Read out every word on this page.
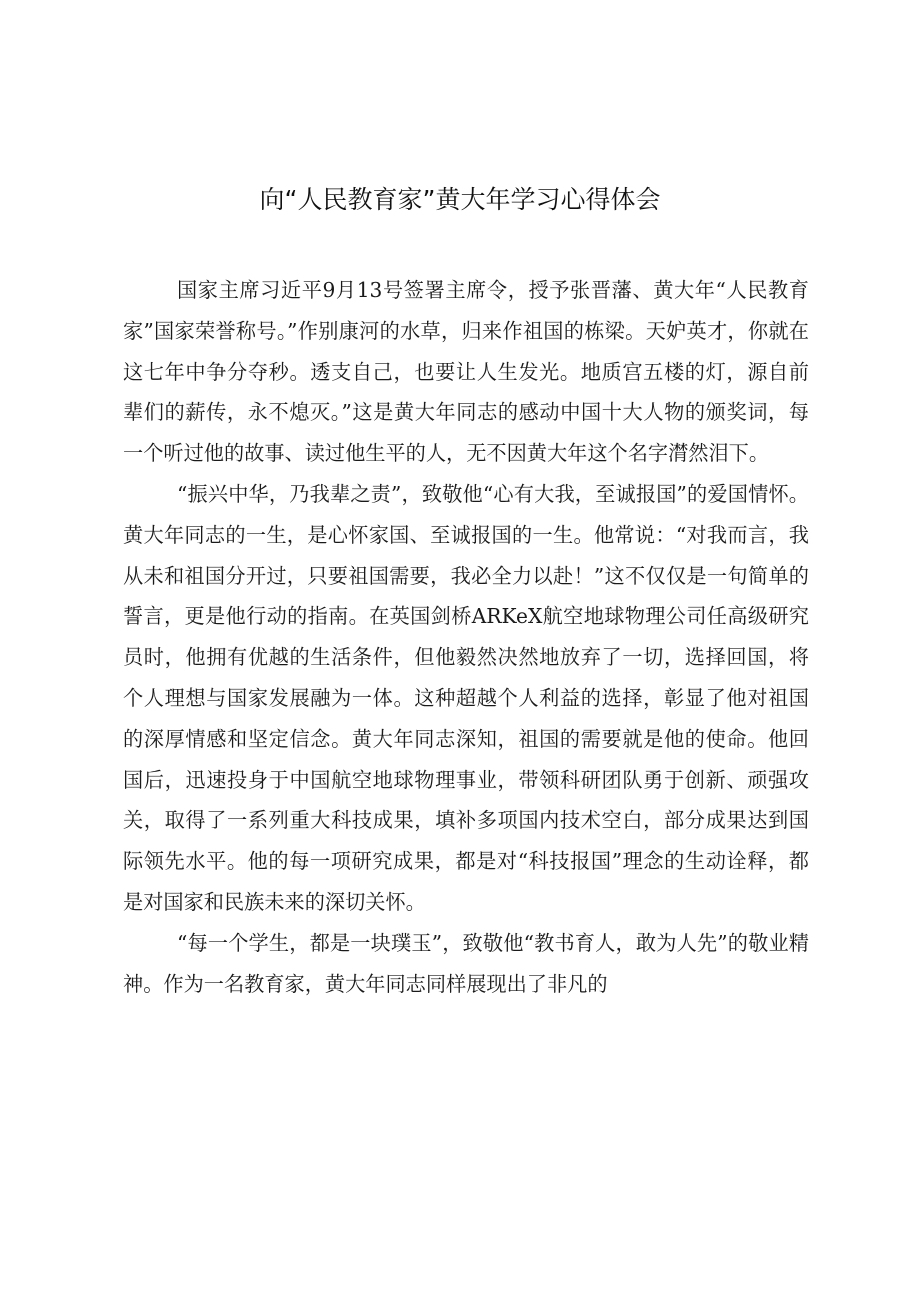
向“人民教育家”黄大年学习心得体会

国家主席习近平9月13号签署主席令，授予张晋藩、黄大年“人民教育家”国家荣誉称号。”作别康河的水草，归来作祖国的栋梁。天妒英才，你就在这七年中争分夺秒。透支自己，也要让人生发光。地质宫五楼的灯，源自前辈们的薪传，永不熄灭。”这是黄大年同志的感动中国十大人物的颁奖词，每一个听过他的故事、读过他生平的人，无不因黄大年这个名字潸然泪下。

“振兴中华，乃我辈之责”，致敬他“心有大我，至诚报国”的爱国情怀。黄大年同志的一生，是心怀家国、至诚报国的一生。他常说：“对我而言，我从未和祖国分开过，只要祖国需要，我必全力以赴！”这不仅仅是一句简单的誓言，更是他行动的指南。在英国剑桥ARKeX航空地球物理公司任高级研究员时，他拥有优越的生活条件，但他毅然决然地放弃了一切，选择回国，将个人理想与国家发展融为一体。这种超越个人利益的选择，彰显了他对祖国的深厚情感和坚定信念。黄大年同志深知，祖国的需要就是他的使命。他回国后，迅速投身于中国航空地球物理事业，带领科研团队勇于创新、顽强攻关，取得了一系列重大科技成果，填补多项国内技术空白，部分成果达到国际领先水平。他的每一项研究成果，都是对“科技报国”理念的生动诠释，都是对国家和民族未来的深切关怀。

“每一个学生，都是一块璞玉”，致敬他“教书育人，敢为人先”的敬业精神。作为一名教育家，黄大年同志同样展现出了非凡的
